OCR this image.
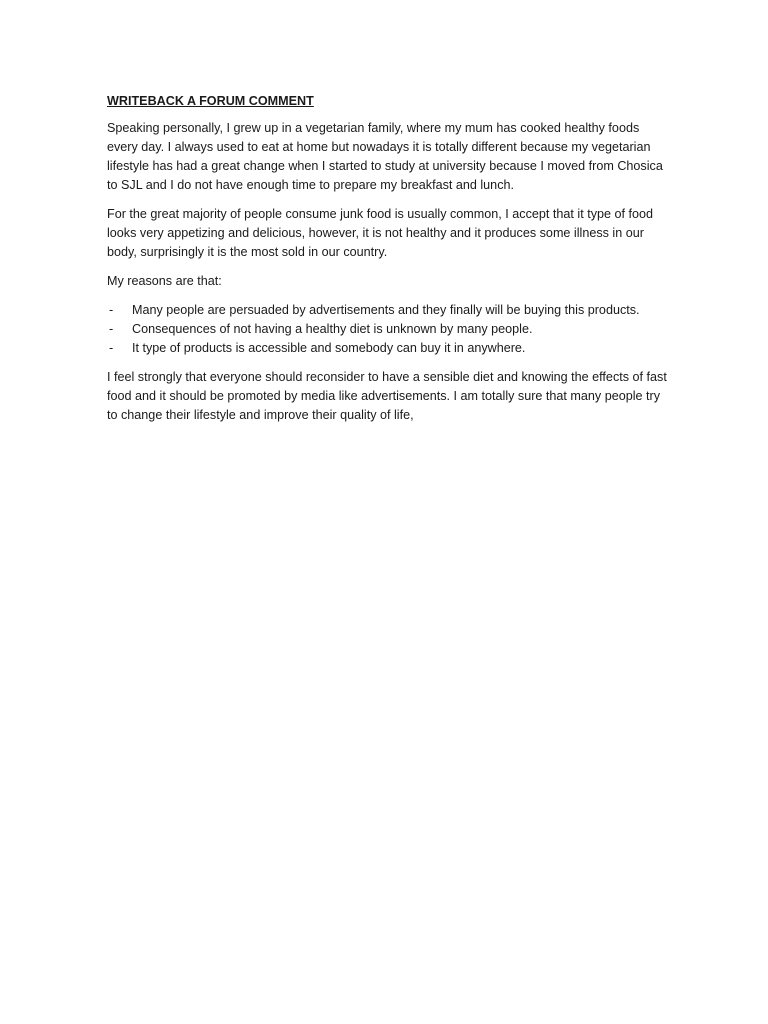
WRITEBACK A FORUM COMMENT

Speaking personally, I grew up in a vegetarian family, where my mum has cooked healthy foods every day. I always used to eat at home but nowadays it is totally different because my vegetarian lifestyle has had a great change when I started to study at university because I moved from Chosica to SJL and I do not have enough time to prepare my breakfast and lunch.

For the great majority of people consume junk food is usually common, I accept that it type of food looks very appetizing and delicious, however, it is not healthy and it produces some illness in our body, surprisingly it is the most sold in our country.

My reasons are that:

- Many people are persuaded by advertisements and they finally will be buying this products.
- Consequences of not having a healthy diet is unknown by many people.
- It type of products is accessible and somebody can buy it in anywhere.

I feel strongly that everyone should reconsider to have a sensible diet and knowing the effects of fast food and it should be promoted by media like advertisements. I am totally sure that many people try to change their lifestyle and improve their quality of life,
